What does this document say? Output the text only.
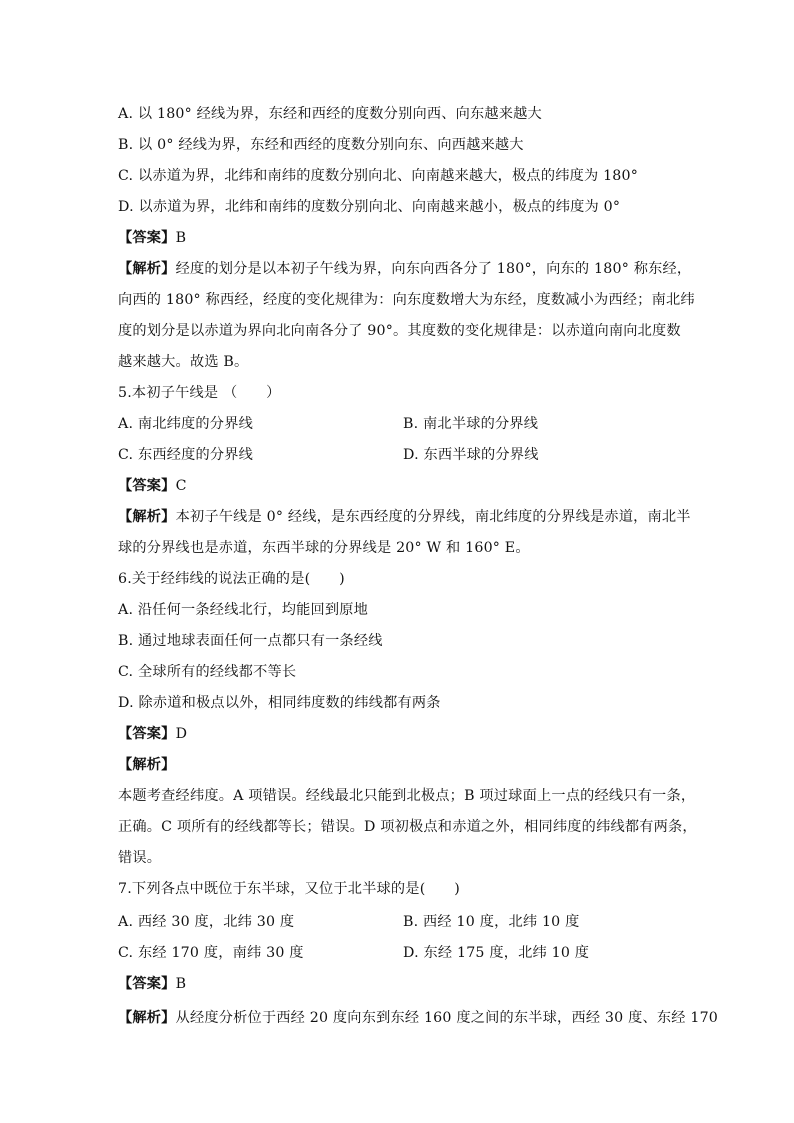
A. 以 180° 经线为界，东经和西经的度数分别向西、向东越来越大
B. 以 0° 经线为界，东经和西经的度数分别向东、向西越来越大
C. 以赤道为界，北纬和南纬的度数分别向北、向南越来越大，极点的纬度为 180°
D. 以赤道为界，北纬和南纬的度数分别向北、向南越来越小，极点的纬度为 0°
【答案】B
【解析】经度的划分是以本初子午线为界，向东向西各分了 180°，向东的 180° 称东经，
向西的 180° 称西经，经度的变化规律为：向东度数增大为东经，度数减小为西经；南北纬
度的划分是以赤道为界向北向南各分了 90°。其度数的变化规律是：以赤道向南向北度数
越来越大。故选 B。
5.本初子午线是 （　　）
A. 南北纬度的分界线	B. 南北半球的分界线
C. 东西经度的分界线	D. 东西半球的分界线
【答案】C
【解析】本初子午线是 0° 经线，是东西经度的分界线，南北纬度的分界线是赤道，南北半
球的分界线也是赤道，东西半球的分界线是 20° W 和 160° E。
6.关于经纬线的说法正确的是(　　)
A. 沿任何一条经线北行，均能回到原地
B. 通过地球表面任何一点都只有一条经线
C. 全球所有的经线都不等长
D. 除赤道和极点以外，相同纬度数的纬线都有两条
【答案】D
【解析】
本题考查经纬度。A 项错误。经线最北只能到北极点；B 项过球面上一点的经线只有一条，
正确。C 项所有的经线都等长；错误。D 项初极点和赤道之外，相同纬度的纬线都有两条，
错误。
7.下列各点中既位于东半球，又位于北半球的是(　　)
A. 西经 30 度，北纬 30 度	B. 西经 10 度，北纬 10 度
C. 东经 170 度，南纬 30 度	D. 东经 175 度，北纬 10 度
【答案】B
【解析】从经度分析位于西经 20 度向东到东经 160 度之间的东半球，西经 30 度、东经 170
